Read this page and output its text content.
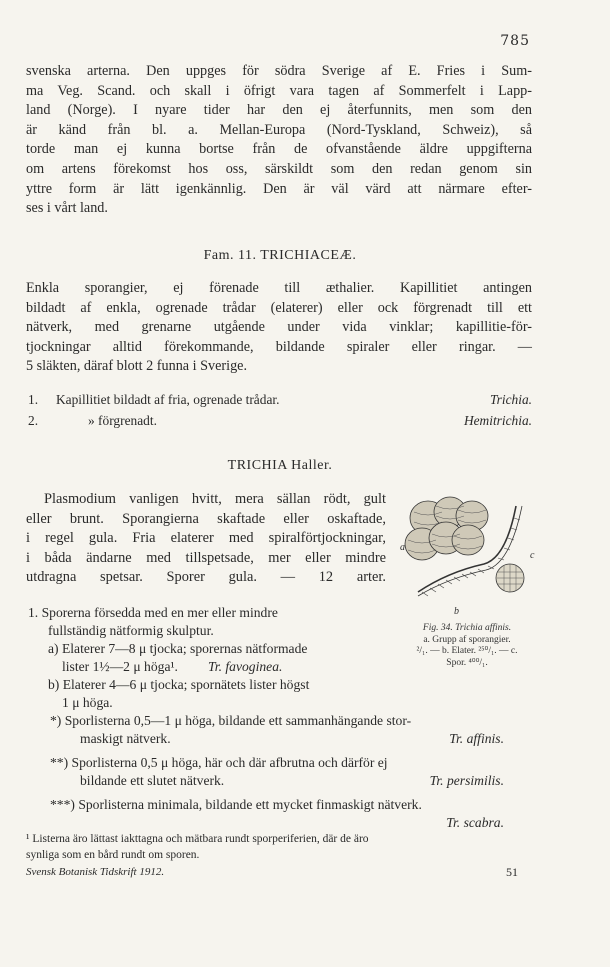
785
svenska arterna. Den uppges för södra Sverige af E. Fries i Sum-
ma Veg. Scand. och skall i öfrigt vara tagen af Sommerfelt i Lapp-
land (Norge). I nyare tider har den ej återfunnits, men som den
är känd från bl. a. Mellan-Europa (Nord-Tyskland, Schweiz), så
torde man ej kunna bortse från de ofvanstående äldre uppgifterna
om artens förekomst hos oss, särskildt som den redan genom sin
yttre form är lätt igenkännlig. Den är väl värd att närmare efter-
ses i vårt land.
Fam. 11. TRICHIACEÆ.
Enkla sporangier, ej förenade till æthalier. Kapillitiet antingen
bildadt af enkla, ogrenade trådar (elaterer) eller ock förgrenadt till ett
nätverk, med grenarne utgående under vida vinklar; kapillitie-för-
tjockningar alltid förekommande, bildande spiraler eller ringar. —
5 släkten, däraf blott 2 funna i Sverige.
1. Kapillitiet bildadt af fria, ogrenade trådar.	Trichia.
2.	» förgrenadt.	Hemitrichia.
TRICHIA Haller.
Plasmodium vanligen hvitt, mera sällan rödt, gult
eller brunt. Sporangierna skaftade eller oskaftade,
i regel gula. Fria elaterer med spiralförtjockningar,
i båda ändarne med tillspetsade, mer eller mindre
utdragna spetsar. Sporer gula. — 12 arter.
a
b
c
Fig. 34. Trichia affinis.
a. Grupp af sporangier.
²/₁. — b. Elater. ²⁵⁰/₁. — c.
Spor. ⁴⁰⁰/₁.
1. Sporerna försedda med en mer eller mindre
fullständig nätformig skulptur.
a) Elaterer 7—8 μ tjocka; sporernas nätformade
lister 1½—2 μ höga¹. Tr. favoginea.
b) Elaterer 4—6 μ tjocka; spornätets lister högst
1 μ höga.
*) Sporlisterna 0,5—1 μ höga, bildande ett sammanhängande stor-
maskigt nätverk.	Tr. affinis.
**) Sporlisterna 0,5 μ höga, här och där afbrutna och därför ej
bildande ett slutet nätverk.	Tr. persimilis.
***) Sporlisterna minimala, bildande ett mycket finmaskigt nätverk.
Tr. scabra.
¹ Listerna äro lättast iakttagna och mätbara rundt sporperiferien, där de äro
synliga som en bård rundt om sporen.
Svensk Botanisk Tidskrift 1912.	51
